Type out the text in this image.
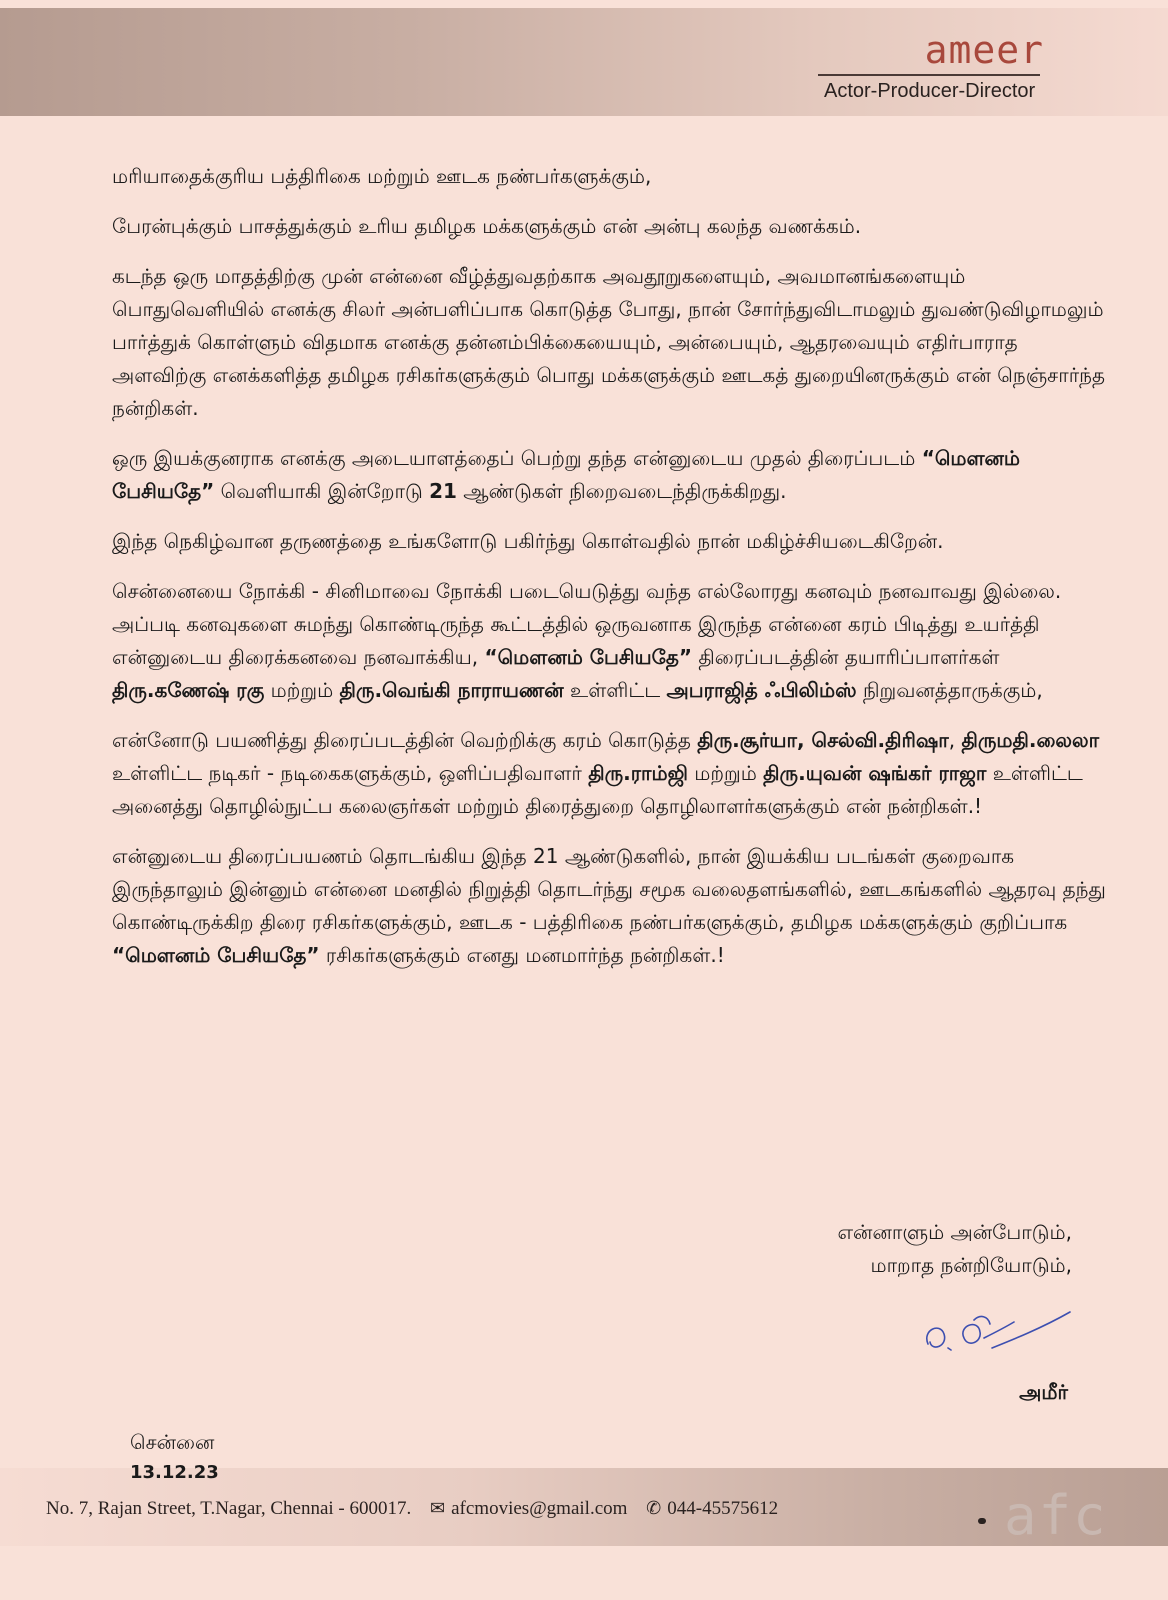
ameer
Actor-Producer-Director

மரியாதைக்குரிய பத்திரிகை மற்றும் ஊடக நண்பர்களுக்கும்,

பேரன்புக்கும் பாசத்துக்கும் உரிய தமிழக மக்களுக்கும் என் அன்பு கலந்த வணக்கம்.

கடந்த ஒரு மாதத்திற்கு முன் என்னை வீழ்த்துவதற்காக அவதூறுகளையும், அவமானங்களையும் பொதுவெளியில் எனக்கு சிலர் அன்பளிப்பாக கொடுத்த போது, நான் சோர்ந்துவிடாமலும் துவண்டுவிழாமலும் பார்த்துக் கொள்ளும் விதமாக எனக்கு தன்னம்பிக்கையையும், அன்பையும், ஆதரவையும் எதிர்பாராத அளவிற்கு எனக்களித்த தமிழக ரசிகர்களுக்கும் பொது மக்களுக்கும் ஊடகத் துறையினருக்கும் என் நெஞ்சார்ந்த நன்றிகள்.

ஒரு இயக்குனராக எனக்கு அடையாளத்தைப் பெற்று தந்த என்னுடைய முதல் திரைப்படம் “மௌனம் பேசியதே” வெளியாகி இன்றோடு 21 ஆண்டுகள் நிறைவடைந்திருக்கிறது.

இந்த நெகிழ்வான தருணத்தை உங்களோடு பகிர்ந்து கொள்வதில் நான் மகிழ்ச்சியடைகிறேன்.

சென்னையை நோக்கி - சினிமாவை நோக்கி படையெடுத்து வந்த எல்லோரது கனவும் நனவாவது இல்லை. அப்படி கனவுகளை சுமந்து கொண்டிருந்த கூட்டத்தில் ஒருவனாக இருந்த என்னை கரம் பிடித்து உயர்த்தி என்னுடைய திரைக்கனவை நனவாக்கிய, “மௌனம் பேசியதே” திரைப்படத்தின் தயாரிப்பாளர்கள் திரு.கணேஷ் ரகு மற்றும் திரு.வெங்கி நாராயணன் உள்ளிட்ட அபராஜித் ஃபிலிம்ஸ் நிறுவனத்தாருக்கும்,

என்னோடு பயணித்து திரைப்படத்தின் வெற்றிக்கு கரம் கொடுத்த திரு.சூர்யா, செல்வி.திரிஷா, திருமதி.லைலா உள்ளிட்ட நடிகர் - நடிகைகளுக்கும், ஒளிப்பதிவாளர் திரு.ராம்ஜி மற்றும் திரு.யுவன் ஷங்கர் ராஜா உள்ளிட்ட அனைத்து தொழில்நுட்ப கலைஞர்கள் மற்றும் திரைத்துறை தொழிலாளர்களுக்கும் என் நன்றிகள்.!

என்னுடைய திரைப்பயணம் தொடங்கிய இந்த 21 ஆண்டுகளில், நான் இயக்கிய படங்கள் குறைவாக இருந்தாலும் இன்னும் என்னை மனதில் நிறுத்தி தொடர்ந்து சமூக வலைதளங்களில், ஊடகங்களில் ஆதரவு தந்து கொண்டிருக்கிற திரை ரசிகர்களுக்கும், ஊடக - பத்திரிகை நண்பர்களுக்கும், தமிழக மக்களுக்கும் குறிப்பாக “மௌனம் பேசியதே” ரசிகர்களுக்கும் எனது மனமார்ந்த நன்றிகள்.!

என்னாளும் அன்போடும்,
மாறாத நன்றியோடும்,
அமீர்
சென்னை
13.12.23
No. 7, Rajan Street, T.Nagar, Chennai - 600017. ✉ afcmovies@gmail.com ✆ 044-45575612	afc
